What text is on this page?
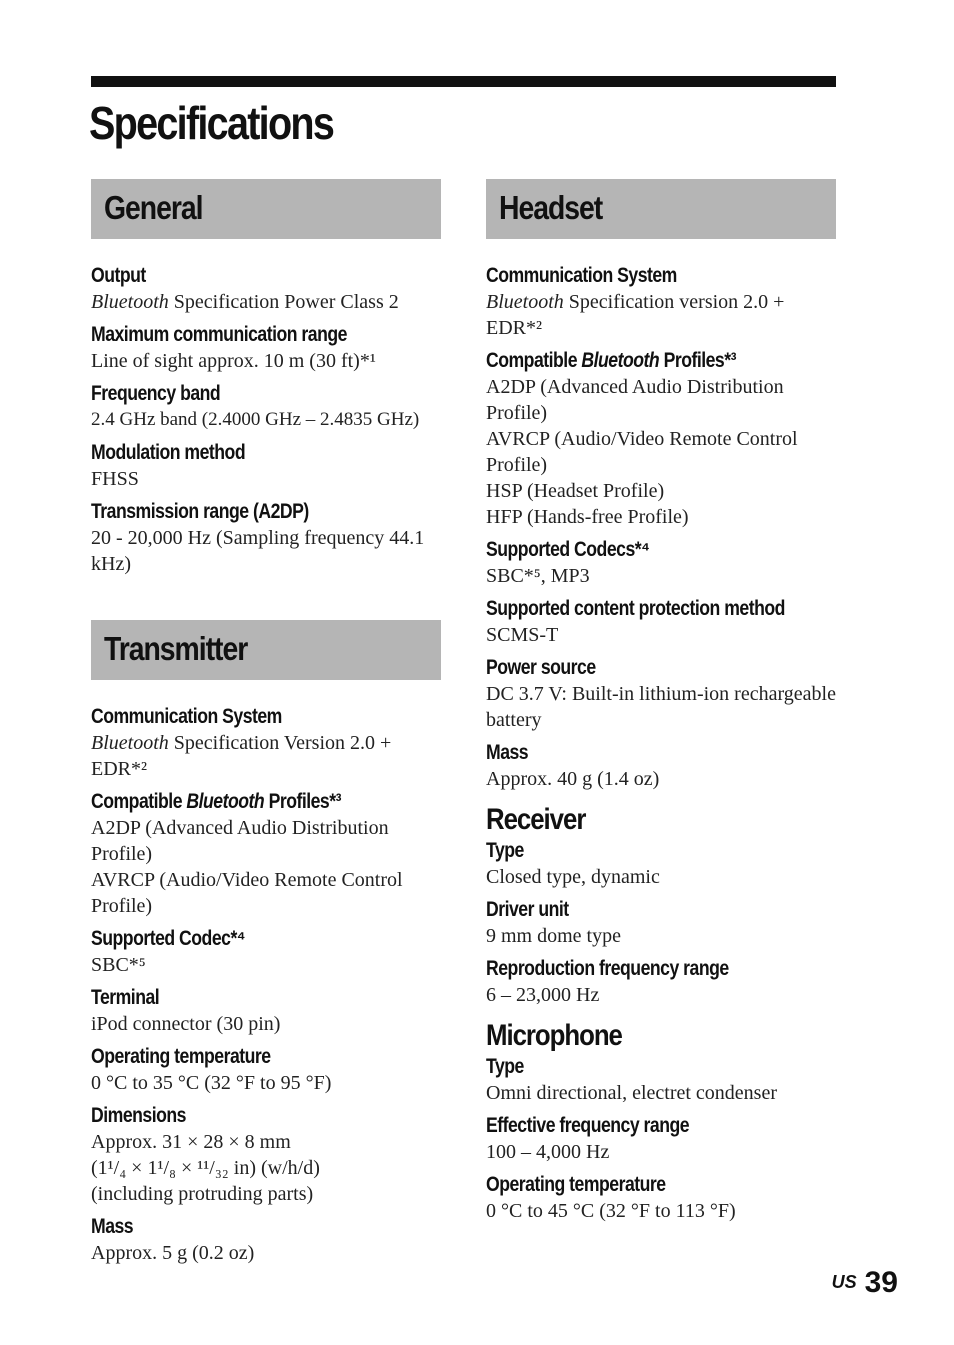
Specifications
General
Output
Bluetooth Specification Power Class 2
Maximum communication range
Line of sight approx. 10 m (30 ft)*¹
Frequency band
2.4 GHz band (2.4000 GHz – 2.4835 GHz)
Modulation method
FHSS
Transmission range (A2DP)
20 - 20,000 Hz (Sampling frequency 44.1 kHz)
Transmitter
Communication System
Bluetooth Specification Version 2.0 + EDR*²
Compatible Bluetooth Profiles*³
A2DP (Advanced Audio Distribution Profile)
AVRCP (Audio/Video Remote Control Profile)
Supported Codec*⁴
SBC*⁵
Terminal
iPod connector (30 pin)
Operating temperature
0 °C to 35 °C (32 °F to 95 °F)
Dimensions
Approx. 31 × 28 × 8 mm
(1¹/₄ × 1¹/₈ × ¹¹/₃₂ in) (w/h/d)
(including protruding parts)
Mass
Approx. 5 g (0.2 oz)
Headset
Communication System
Bluetooth Specification version 2.0 + EDR*²
Compatible Bluetooth Profiles*³
A2DP (Advanced Audio Distribution Profile)
AVRCP (Audio/Video Remote Control Profile)
HSP (Headset Profile)
HFP (Hands-free Profile)
Supported Codecs*⁴
SBC*⁵, MP3
Supported content protection method
SCMS-T
Power source
DC 3.7 V: Built-in lithium-ion rechargeable battery
Mass
Approx. 40 g (1.4 oz)
Receiver
Type
Closed type, dynamic
Driver unit
9 mm dome type
Reproduction frequency range
6 – 23,000 Hz
Microphone
Type
Omni directional, electret condenser
Effective frequency range
100 – 4,000 Hz
Operating temperature
0 °C to 45 °C (32 °F to 113 °F)
US 39
